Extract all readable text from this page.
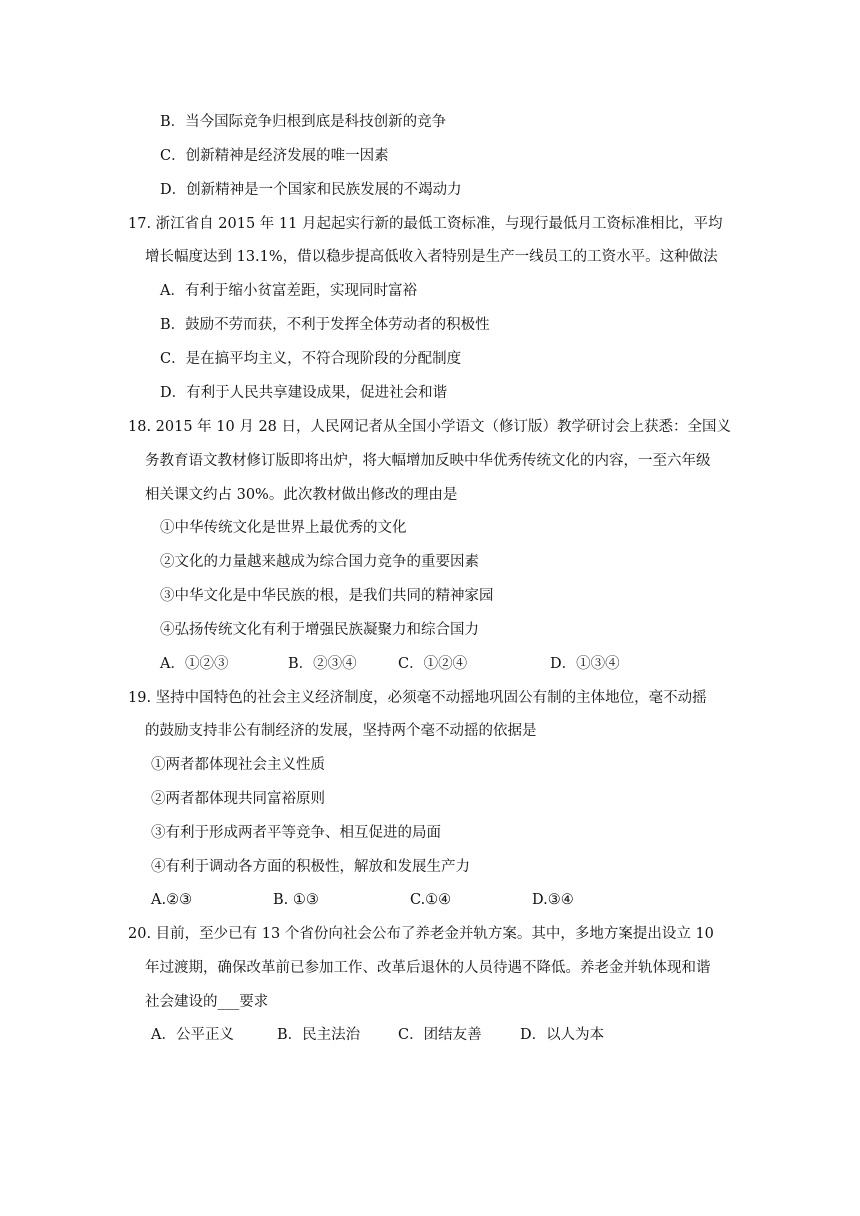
B．当今国际竞争归根到底是科技创新的竞争
C．创新精神是经济发展的唯一因素
D．创新精神是一个国家和民族发展的不竭动力
17. 浙江省自 2015 年 11 月起起实行新的最低工资标准，与现行最低月工资标准相比，平均
增长幅度达到 13.1%，借以稳步提高低收入者特别是生产一线员工的工资水平。这种做法
A．有利于缩小贫富差距，实现同时富裕
B．鼓励不劳而获，不利于发挥全体劳动者的积极性
C．是在搞平均主义，不符合现阶段的分配制度
D．有利于人民共享建设成果，促进社会和谐
18. 2015 年 10 月 28 日，人民网记者从全国小学语文（修订版）教学研讨会上获悉：全国义
务教育语文教材修订版即将出炉，将大幅增加反映中华优秀传统文化的内容，一至六年级
相关课文约占 30%。此次教材做出修改的理由是
①中华传统文化是世界上最优秀的文化
②文化的力量越来越成为综合国力竞争的重要因素
③中华文化是中华民族的根，是我们共同的精神家园
④弘扬传统文化有利于增强民族凝聚力和综合国力
A．①②③	B．②③④	C．①②④	D．①③④
19. 坚持中国特色的社会主义经济制度，必须毫不动摇地巩固公有制的主体地位，毫不动摇
的鼓励支持非公有制经济的发展，坚持两个毫不动摇的依据是
①两者都体现社会主义性质
②两者都体现共同富裕原则
③有利于形成两者平等竞争、相互促进的局面
④有利于调动各方面的积极性，解放和发展生产力
A.②③	B. ①③	C.①④	D.③④
20. 目前，至少已有 13 个省份向社会公布了养老金并轨方案。其中，多地方案提出设立 10
年过渡期，确保改革前已参加工作、改革后退休的人员待遇不降低。养老金并轨体现和谐
社会建设的___要求
A．公平正义	B．民主法治	C．团结友善	D．以人为本
